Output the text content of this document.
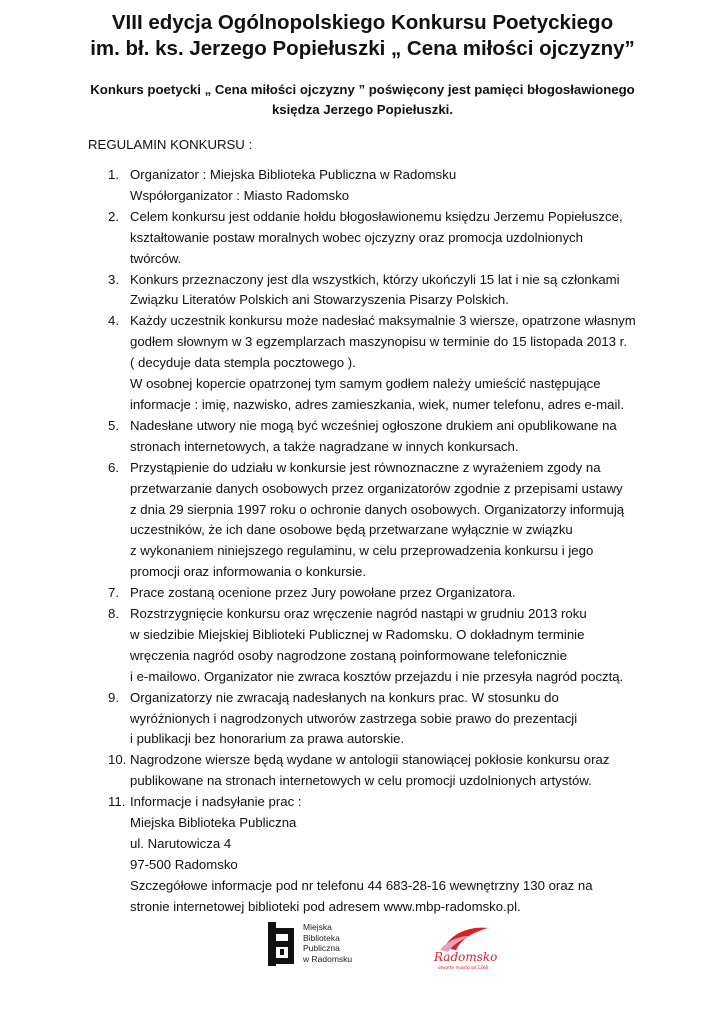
VIII edycja Ogólnopolskiego Konkursu Poetyckiego
im. bł. ks. Jerzego Popiełuszki „ Cena miłości ojczyzny”
Konkurs poetycki „ Cena miłości ojczyzny ” poświęcony jest pamięci błogosławionego
księdza Jerzego Popiełuszki.
REGULAMIN KONKURSU :
1. Organizator : Miejska Biblioteka Publiczna w Radomsku
Współorganizator : Miasto Radomsko
2. Celem konkursu jest oddanie hołdu błogosławionemu księdzu Jerzemu Popiełuszce,
kształtowanie postaw moralnych wobec ojczyzny oraz promocja uzdolnionych
twórców.
3. Konkurs przeznaczony jest dla wszystkich, którzy ukończyli 15 lat i nie są członkami
Związku Literatów Polskich ani Stowarzyszenia Pisarzy Polskich.
4. Każdy uczestnik konkursu może nadesłać maksymalnie 3 wiersze, opatrzone własnym
godłem słownym w 3 egzemplarzach maszynopisu w terminie do 15 listopada 2013 r.
( decyduje data stempla pocztowego ).
W osobnej kopercie opatrzonej tym samym godłem należy umieścić następujące
informacje : imię, nazwisko, adres zamieszkania, wiek, numer telefonu, adres e-mail.
5. Nadesłane utwory nie mogą być wcześniej ogłoszone drukiem ani opublikowane na
stronach internetowych, a także nagradzane w innych konkursach.
6. Przystąpienie do udziału w konkursie jest równoznaczne z wyrażeniem zgody na
przetwarzanie danych osobowych przez organizatorów zgodnie z przepisami ustawy
z dnia 29 sierpnia 1997 roku o ochronie danych osobowych. Organizatorzy informują
uczestników, że ich dane osobowe będą przetwarzane wyłącznie w związku
z wykonaniem niniejszego regulaminu, w celu przeprowadzenia konkursu i jego
promocji oraz informowania o konkursie.
7. Prace zostaną ocenione przez Jury powołane przez Organizatora.
8. Rozstrzygnięcie konkursu oraz wręczenie nagród nastąpi w grudniu 2013 roku
w siedzibie Miejskiej Biblioteki Publicznej w Radomsku. O dokładnym terminie
wręczenia nagród osoby nagrodzone zostaną poinformowane telefonicznie
i e-mailowo. Organizator nie zwraca kosztów przejazdu i nie przesyła nagród pocztą.
9. Organizatorzy nie zwracają nadesłanych na konkurs prac. W stosunku do
wyróżnionych i nagrodzonych utworów zastrzega sobie prawo do prezentacji
i publikacji bez honorarium za prawa autorskie.
10. Nagrodzone wiersze będą wydane w antologii stanowiącej pokłosie konkursu oraz
publikowane na stronach internetowych w celu promocji uzdolnionych artystów.
11. Informacje i nadsyłanie prac :
Miejska Biblioteka Publiczna
ul. Narutowicza 4
97-500 Radomsko
Szczegółowe informacje pod nr telefonu 44 683-28-16 wewnętrzny 130 oraz na
stronie internetowej biblioteki pod adresem www.mbp-radomsko.pl.
Miejska
Biblioteka
Publiczna
w Radomsku	Radomsko
otwarte miasto od 1266
